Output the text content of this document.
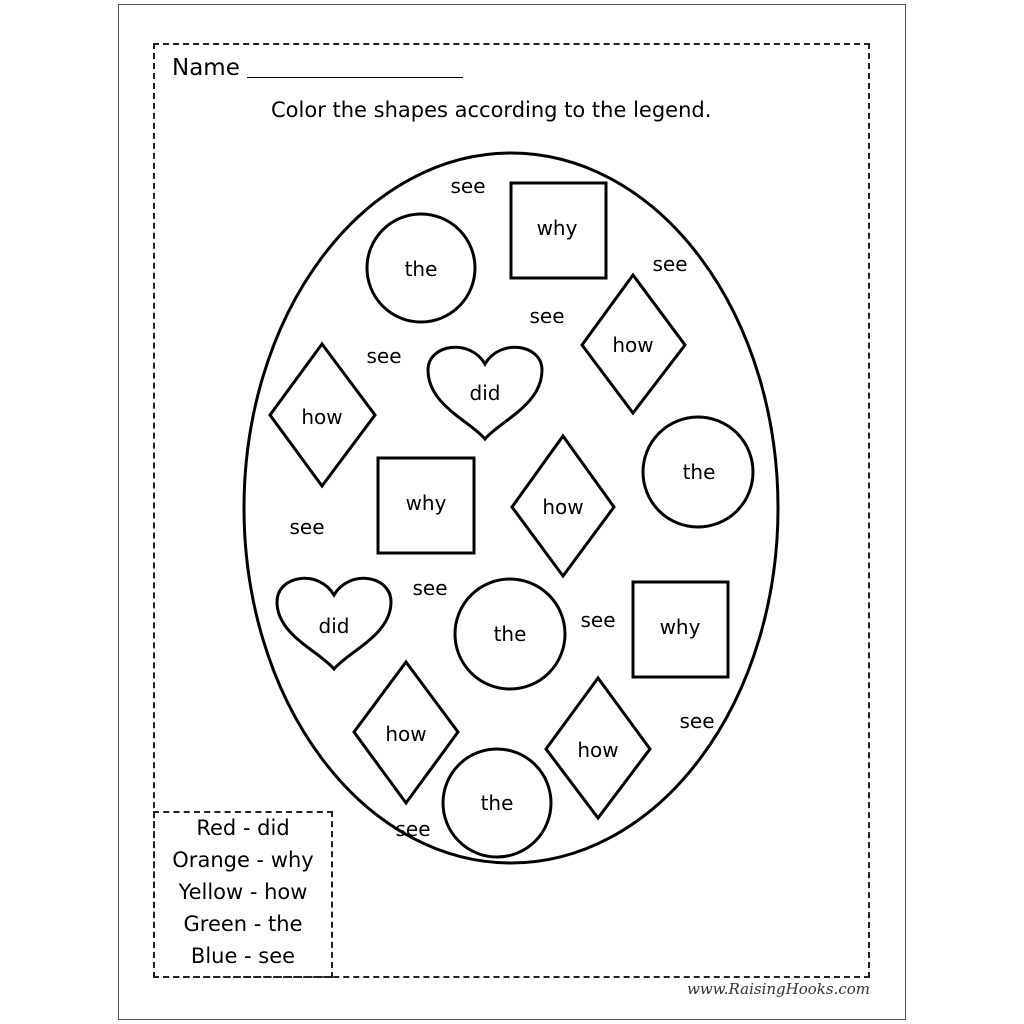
Name
Color the shapes according to the legend.
the
why
how
did
how
why	how
the
did	the	why
how
how
the
see
see
see
see
see
see
see
see
see
Red - did
Orange - why
Yellow - how
Green - the
Blue - see
www.RaisingHooks.com
